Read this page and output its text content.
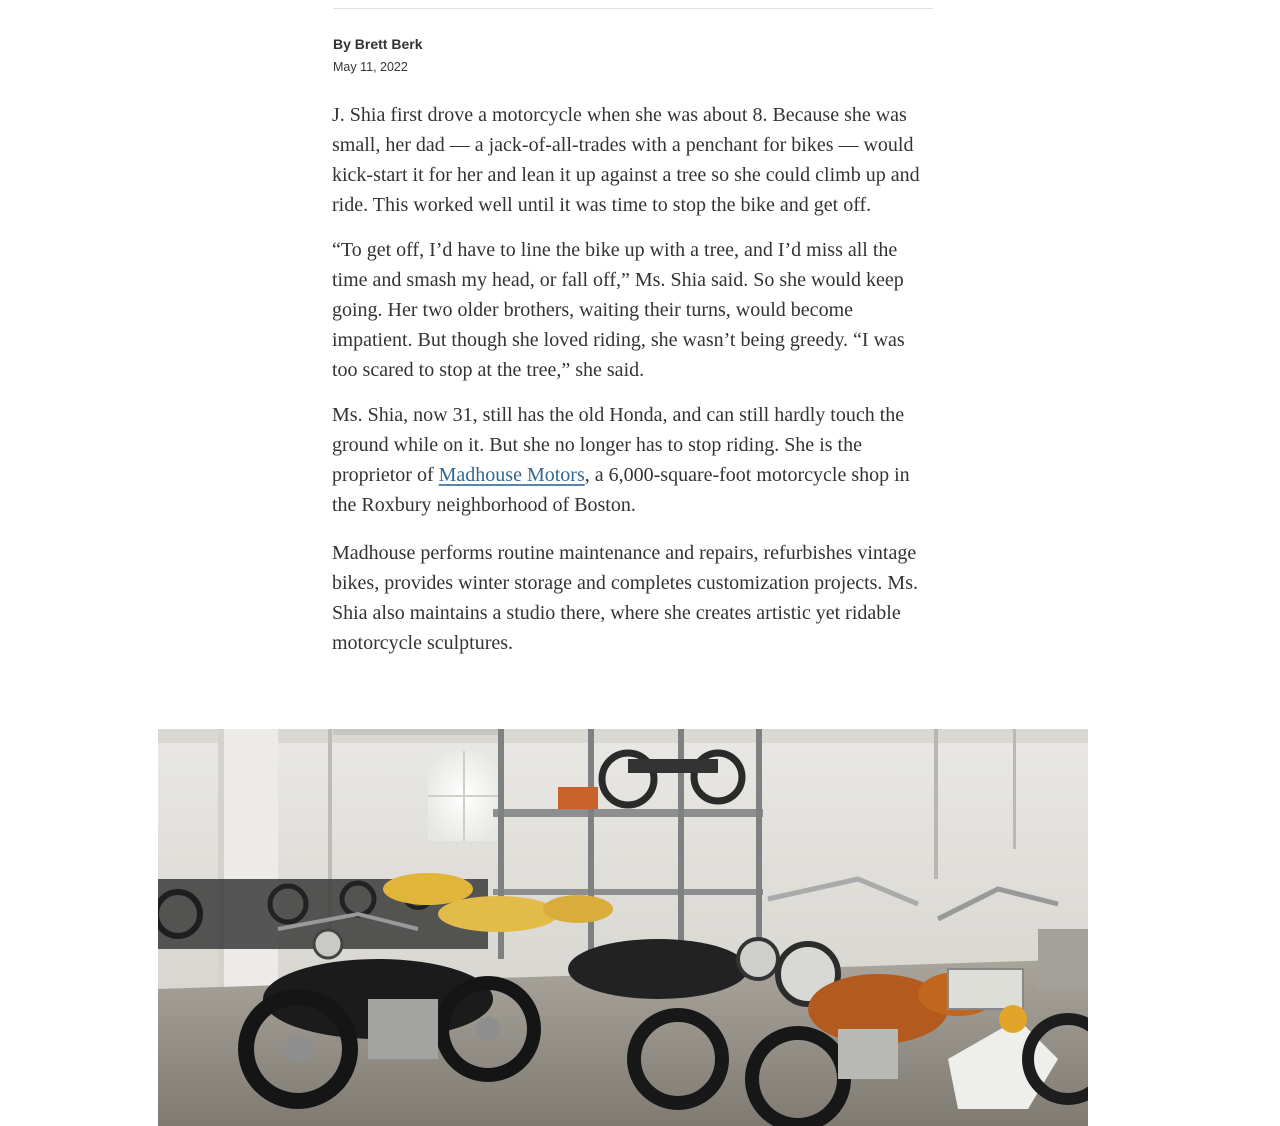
By Brett Berk
May 11, 2022

J. Shia first drove a motorcycle when she was about 8. Because she was small, her dad — a jack-of-all-trades with a penchant for bikes — would kick-start it for her and lean it up against a tree so she could climb up and ride. This worked well until it was time to stop the bike and get off.

“To get off, I’d have to line the bike up with a tree, and I’d miss all the time and smash my head, or fall off,” Ms. Shia said. So she would keep going. Her two older brothers, waiting their turns, would become impatient. But though she loved riding, she wasn’t being greedy. “I was too scared to stop at the tree,” she said.

Ms. Shia, now 31, still has the old Honda, and can still hardly touch the ground while on it. But she no longer has to stop riding. She is the proprietor of Madhouse Motors, a 6,000-square-foot motorcycle shop in the Roxbury neighborhood of Boston.

Madhouse performs routine maintenance and repairs, refurbishes vintage bikes, provides winter storage and completes customization projects. Ms. Shia also maintains a studio there, where she creates artistic yet ridable motorcycle sculptures.
